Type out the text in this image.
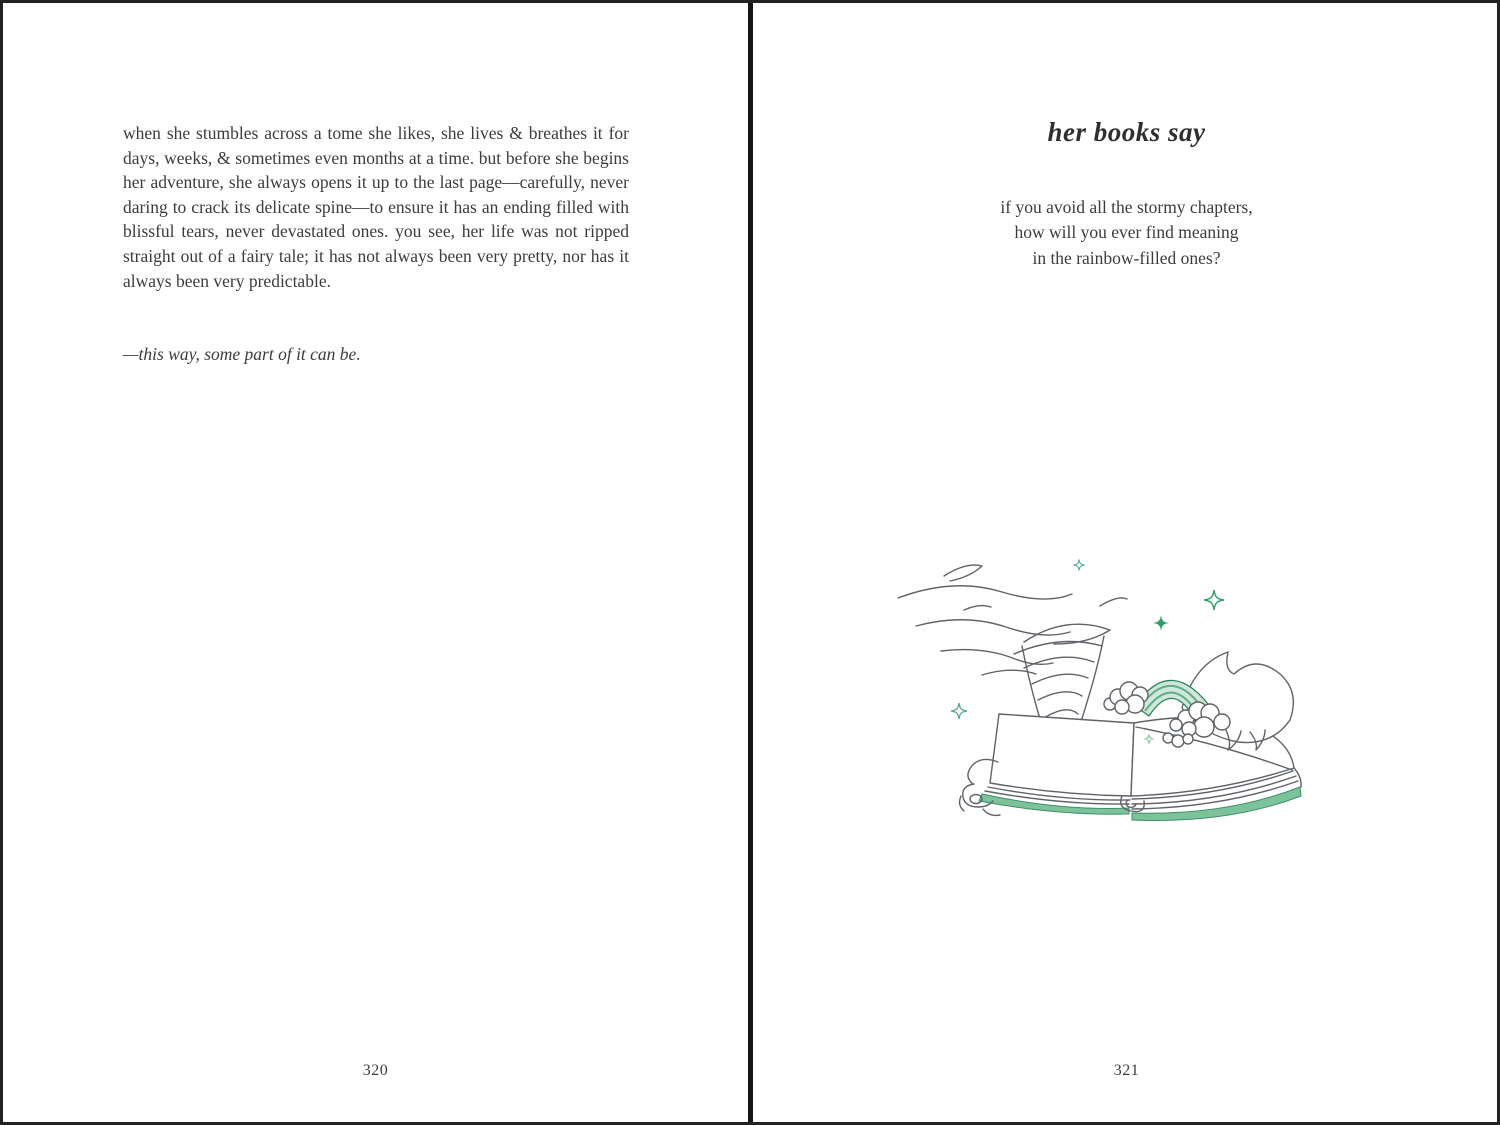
when she stumbles across a tome she likes, she lives & breathes it for days, weeks, & sometimes even months at a time. but before she begins her adventure, she always opens it up to the last page—carefully, never daring to crack its delicate spine—to ensure it has an ending filled with blissful tears, never devastated ones. you see, her life was not ripped straight out of a fairy tale; it has not always been very pretty, nor has it always been very predictable.
—this way, some part of it can be.
320
her books say
if you avoid all the stormy chapters,
how will you ever find meaning
in the rainbow-filled ones?
321
